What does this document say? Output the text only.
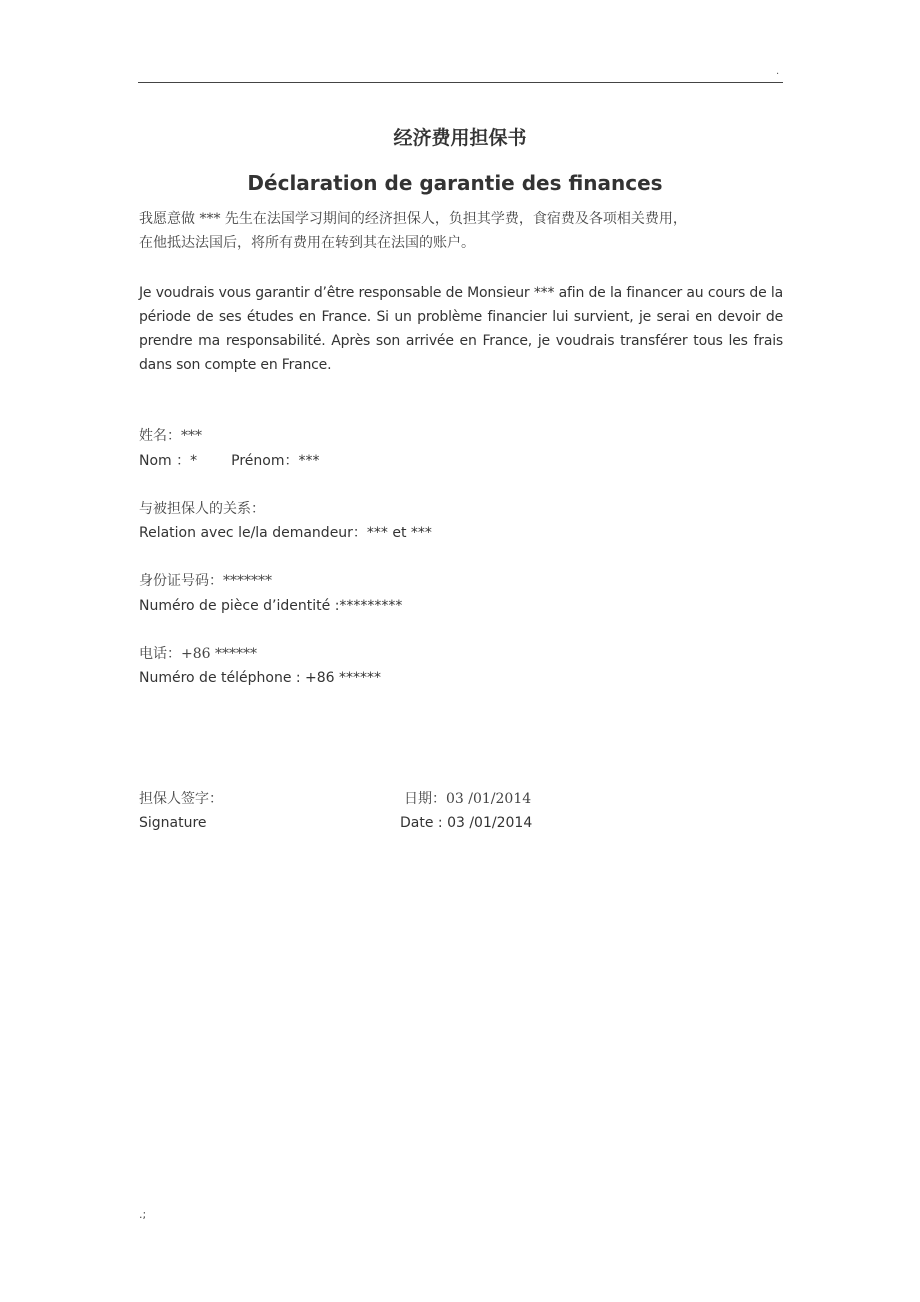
.
经济费用担保书
Déclaration de garantie des finances
我愿意做 *** 先生在法国学习期间的经济担保人，负担其学费，食宿费及各项相关费用，
在他抵达法国后，将所有费用在转到其在法国的账户。
Je voudrais vous garantir d’être responsable de Monsieur *** afin de la financer au cours de la période de ses études en France. Si un problème financier lui survient, je serai en devoir de prendre ma responsabilité. Après son arrivée en France, je voudrais transférer tous les frais dans son compte en France.
姓名：***
Nom ：* Prénom：***
与被担保人的关系：
Relation avec le/la demandeur：*** et ***
身份证号码：*******
Numéro de pièce d’identité :*********
电话：+86 ******
Numéro de téléphone : +86 ******
担保人签字：	日期：03 /01/2014
Signature	Date : 03 /01/2014
.;
